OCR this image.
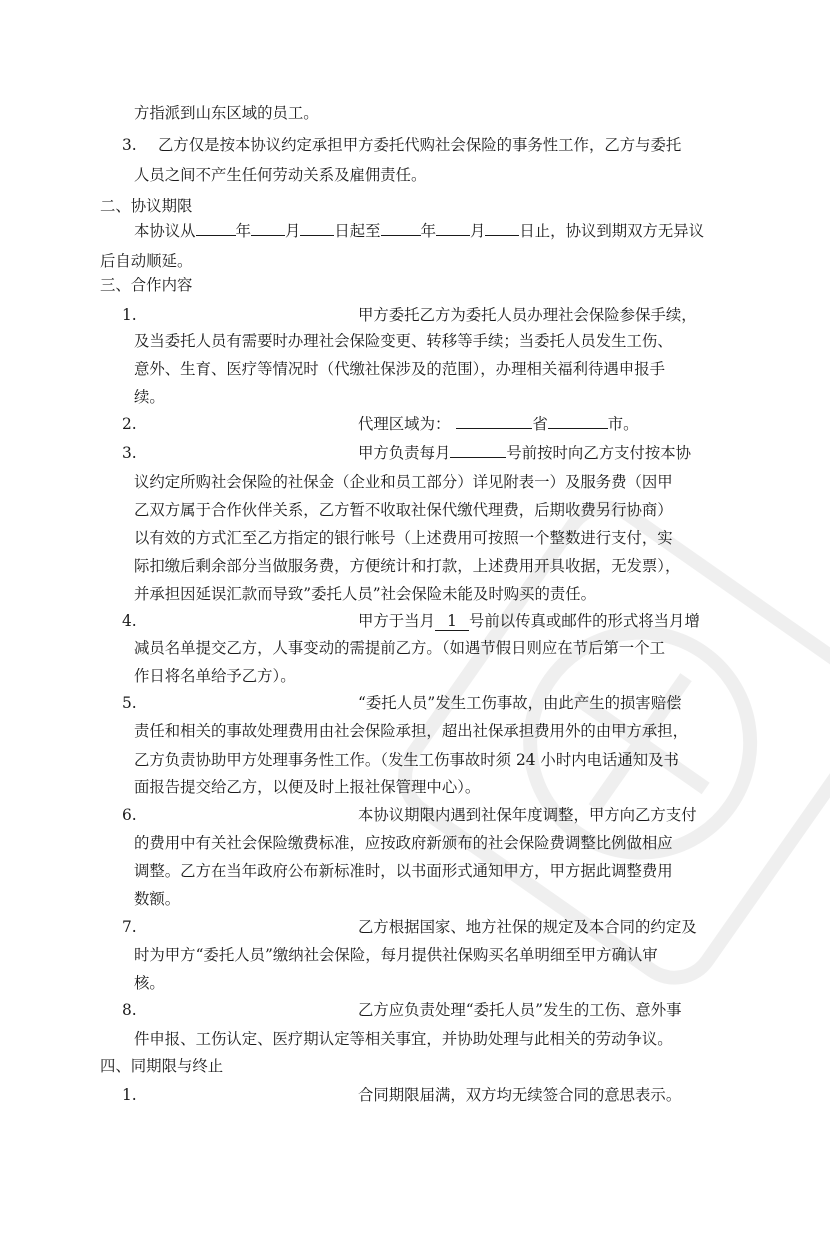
方指派到山东区域的员工。
3. 乙方仅是按本协议约定承担甲方委托代购社会保险的事务性工作，乙方与委托
人员之间不产生任何劳动关系及雇佣责任。
二、协议期限
本协议从	年 月 日起至	年 月 日止，协议到期双方无异议
后自动顺延。
三、合作内容
1.	甲方委托乙方为委托人员办理社会保险参保手续，
及当委托人员有需要时办理社会保险变更、转移等手续；当委托人员发生工伤、
意外、生育、医疗等情况时（代缴社保涉及的范围），办理相关福利待遇申报手
续。
2.	代理区域为：	省	市。
3.	甲方负责每月	号前按时向乙方支付按本协
议约定所购社会保险的社保金（企业和员工部分）详见附表一）及服务费（因甲
乙双方属于合作伙伴关系，乙方暂不收取社保代缴代理费，后期收费另行协商）
以有效的方式汇至乙方指定的银行帐号（上述费用可按照一个整数进行支付，实
际扣缴后剩余部分当做服务费，方便统计和打款，上述费用开具收据，无发票），
并承担因延误汇款而导致”委托人员”社会保险未能及时购买的责任。
4.	甲方于当月 1 号前以传真或邮件的形式将当月增
减员名单提交乙方，人事变动的需提前乙方。（如遇节假日则应在节后第一个工
作日将名单给予乙方）。
5.	“委托人员”发生工伤事故，由此产生的损害赔偿
责任和相关的事故处理费用由社会保险承担，超出社保承担费用外的由甲方承担，
乙方负责协助甲方处理事务性工作。（发生工伤事故时须 24 小时内电话通知及书
面报告提交给乙方，以便及时上报社保管理中心）。
6.	本协议期限内遇到社保年度调整，甲方向乙方支付
的费用中有关社会保险缴费标准，应按政府新颁布的社会保险费调整比例做相应
调整。乙方在当年政府公布新标准时，以书面形式通知甲方，甲方据此调整费用
数额。
7.	乙方根据国家、地方社保的规定及本合同的约定及
时为甲方“委托人员”缴纳社会保险，每月提供社保购买名单明细至甲方确认审
核。
8.	乙方应负责处理“委托人员”发生的工伤、意外事
件申报、工伤认定、医疗期认定等相关事宜，并协助处理与此相关的劳动争议。
四、同期限与终止
1.	合同期限届满，双方均无续签合同的意思表示。
